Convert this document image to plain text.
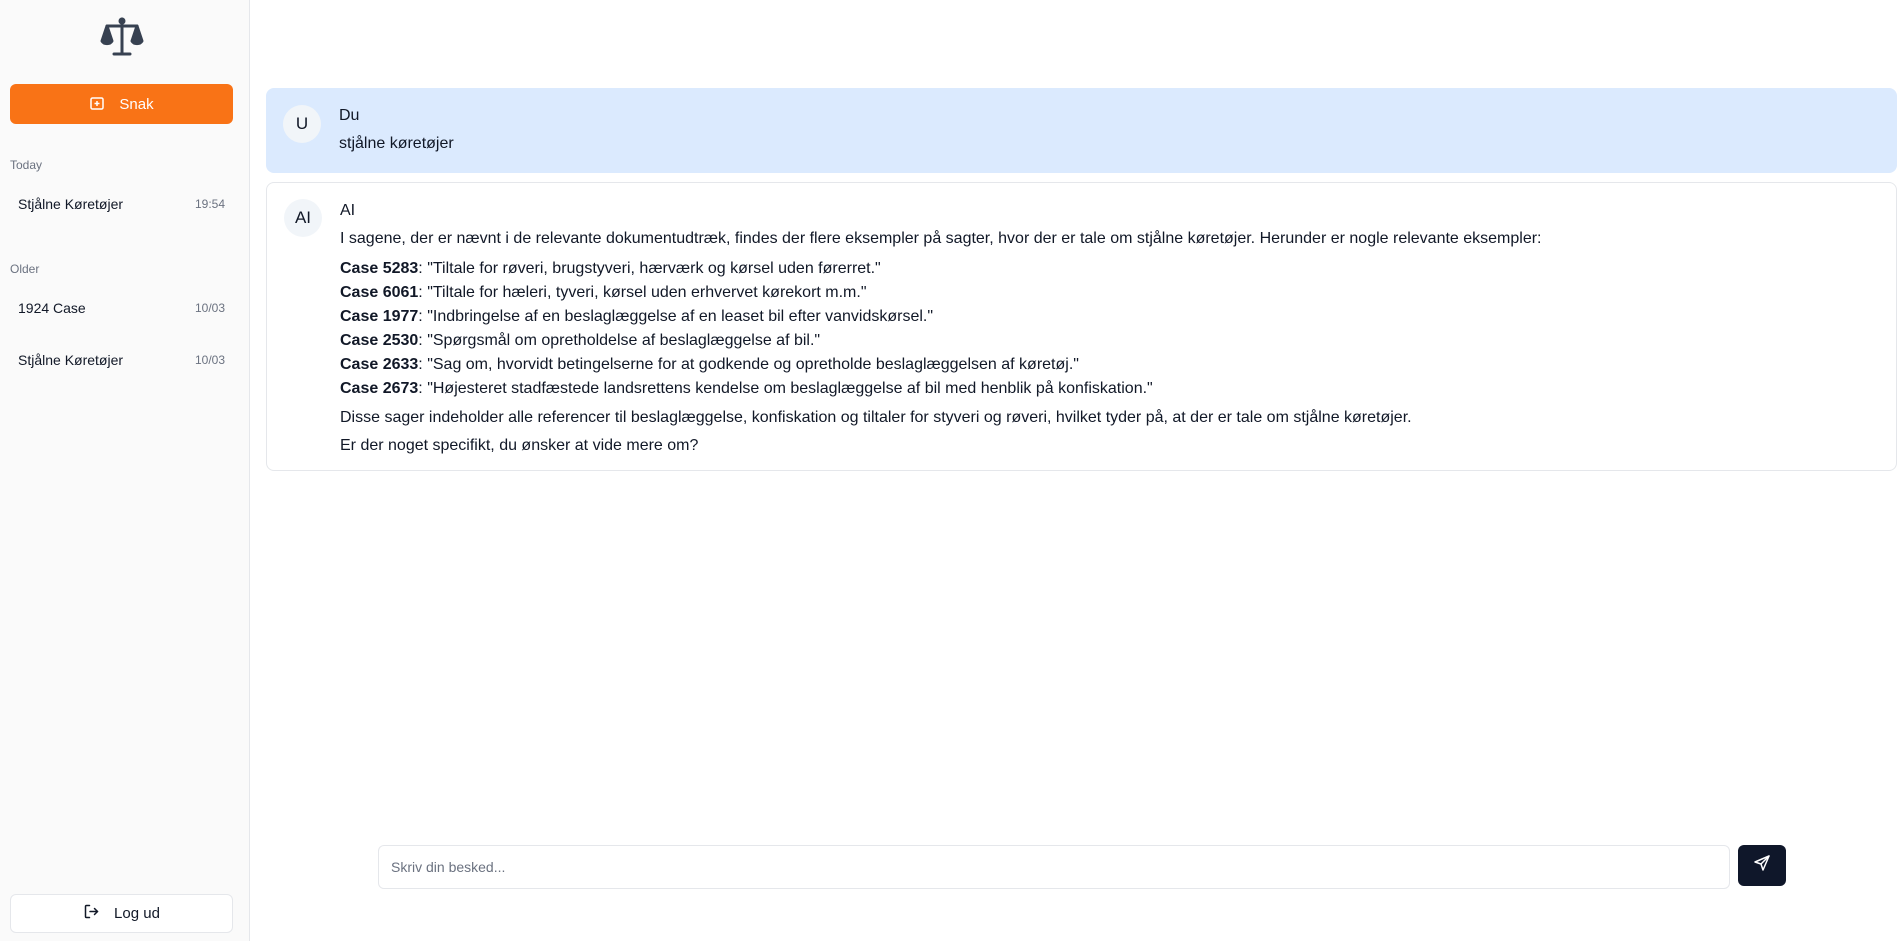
Snak
Today
Stjålne Køretøjer	19:54
Older
1924 Case	10/03
Stjålne Køretøjer	10/03
Log ud
U	Du
stjålne køretøjer
AI	AI
I sagene, der er nævnt i de relevante dokumentudtræk, findes der flere eksempler på sagter, hvor der er tale om stjålne køretøjer. Herunder er nogle relevante eksempler:
Case 5283: "Tiltale for røveri, brugstyveri, hærværk og kørsel uden førerret."
Case 6061: "Tiltale for hæleri, tyveri, kørsel uden erhvervet kørekort m.m."
Case 1977: "Indbringelse af en beslaglæggelse af en leaset bil efter vanvidskørsel."
Case 2530: "Spørgsmål om opretholdelse af beslaglæggelse af bil."
Case 2633: "Sag om, hvorvidt betingelserne for at godkende og opretholde beslaglæggelsen af køretøj."
Case 2673: "Højesteret stadfæstede landsrettens kendelse om beslaglæggelse af bil med henblik på konfiskation."
Disse sager indeholder alle referencer til beslaglæggelse, konfiskation og tiltaler for styveri og røveri, hvilket tyder på, at der er tale om stjålne køretøjer.
Er der noget specifikt, du ønsker at vide mere om?
Skriv din besked...
